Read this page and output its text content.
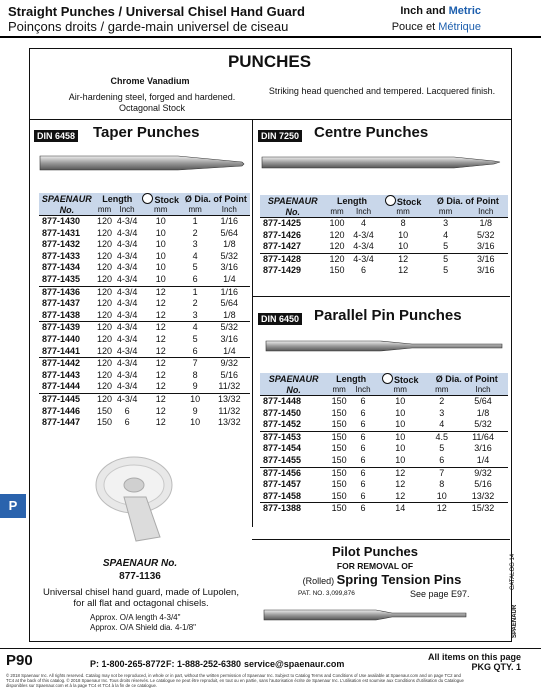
Straight Punches / Universal Chisel Hand Guard
Poinçons droits / garde-main universel de ciseau
Inch and Metric
Pouce et Métrique
PUNCHES
Chrome Vanadium
Air-hardening steel, forged and hardened.
Octagonal Stock
Striking head quenched and tempered. Lacquered finish.
DIN 6458 Taper Punches
SPAENAUR	Length		Stock	Ø Dia. of Point	
No.	mm	Inch	mm	mm	Inch
877-1430	120	4-3/4	10	1	1/16
877-1431	120	4-3/4	10	2	5/64
877-1432	120	4-3/4	10	3	1/8
877-1433	120	4-3/4	10	4	5/32
877-1434	120	4-3/4	10	5	3/16
877-1435	120	4-3/4	10	6	1/4
877-1436	120	4-3/4	12	1	1/16
877-1437	120	4-3/4	12	2	5/64
877-1438	120	4-3/4	12	3	1/8
877-1439	120	4-3/4	12	4	5/32
877-1440	120	4-3/4	12	5	3/16
877-1441	120	4-3/4	12	6	1/4
877-1442	120	4-3/4	12	7	9/32
877-1443	120	4-3/4	12	8	5/16
877-1444	120	4-3/4	12	9	11/32
877-1445	120	4-3/4	12	10	13/32
877-1446	150	6	12	9	11/32
877-1447	150	6	12	10	13/32
DIN 7250 Centre Punches
SPAENAUR	Length		Stock	Ø Dia. of Point	
No.	mm	Inch	mm	mm	Inch
877-1425	100	4	8	3	1/8
877-1426	120	4-3/4	10	4	5/32
877-1427	120	4-3/4	10	5	3/16
877-1428	120	4-3/4	12	5	3/16
877-1429	150	6	12	5	3/16
DIN 6450 Parallel Pin Punches
SPAENAUR	Length		Stock	Ø Dia. of Point	
No.	mm	Inch	mm	mm	Inch
877-1448	150	6	10	2	5/64
877-1450	150	6	10	3	1/8
877-1452	150	6	10	4	5/32
877-1453	150	6	10	4.5	11/64
877-1454	150	6	10	5	3/16
877-1455	150	6	10	6	1/4
877-1456	150	6	12	7	9/32
877-1457	150	6	12	8	5/16
877-1458	150	6	12	10	13/32
877-1388	150	6	14	12	15/32
P
SPAENAUR No.
877-1136
Universal chisel hand guard, made of Lupolen,
for all flat and octagonal chisels.
Approx. O/A length 4-3/4"
Approx. O/A Shield dia. 4-1/8"
Pilot Punches
FOR REMOVAL OF
(Rolled) Spring Tension Pins
PAT. NO. 3,099,876	See page E97.
CATALOG 14
SPAENAUR
P90	P: 1-800-265-8772 F: 1-888-252-6380 service@spaenaur.com
All items on this page
PKG QTY. 1
© 2018 Spaenaur Inc. All rights reserved. Catalog may not be reproduced, in whole or in part, without the written permission of Spaenaur Inc. Subject to Catalog Terms and Conditions of Use available at Spaenaur.com and on page TC2 and
TC4 at the back of this catalog. © 2018 Spaenaur Inc. Tous droits réservés. Le catalogue ne peut être reproduit, en tout ou en partie, sans l'autorisation écrite de Spaenaur Inc. L'utilisation est soumise aux Conditions d'utilisation du Catalogue
disponibles sur Spaenaur.com et à la page TC4 et TC4 à la fin de ce catalogue.
